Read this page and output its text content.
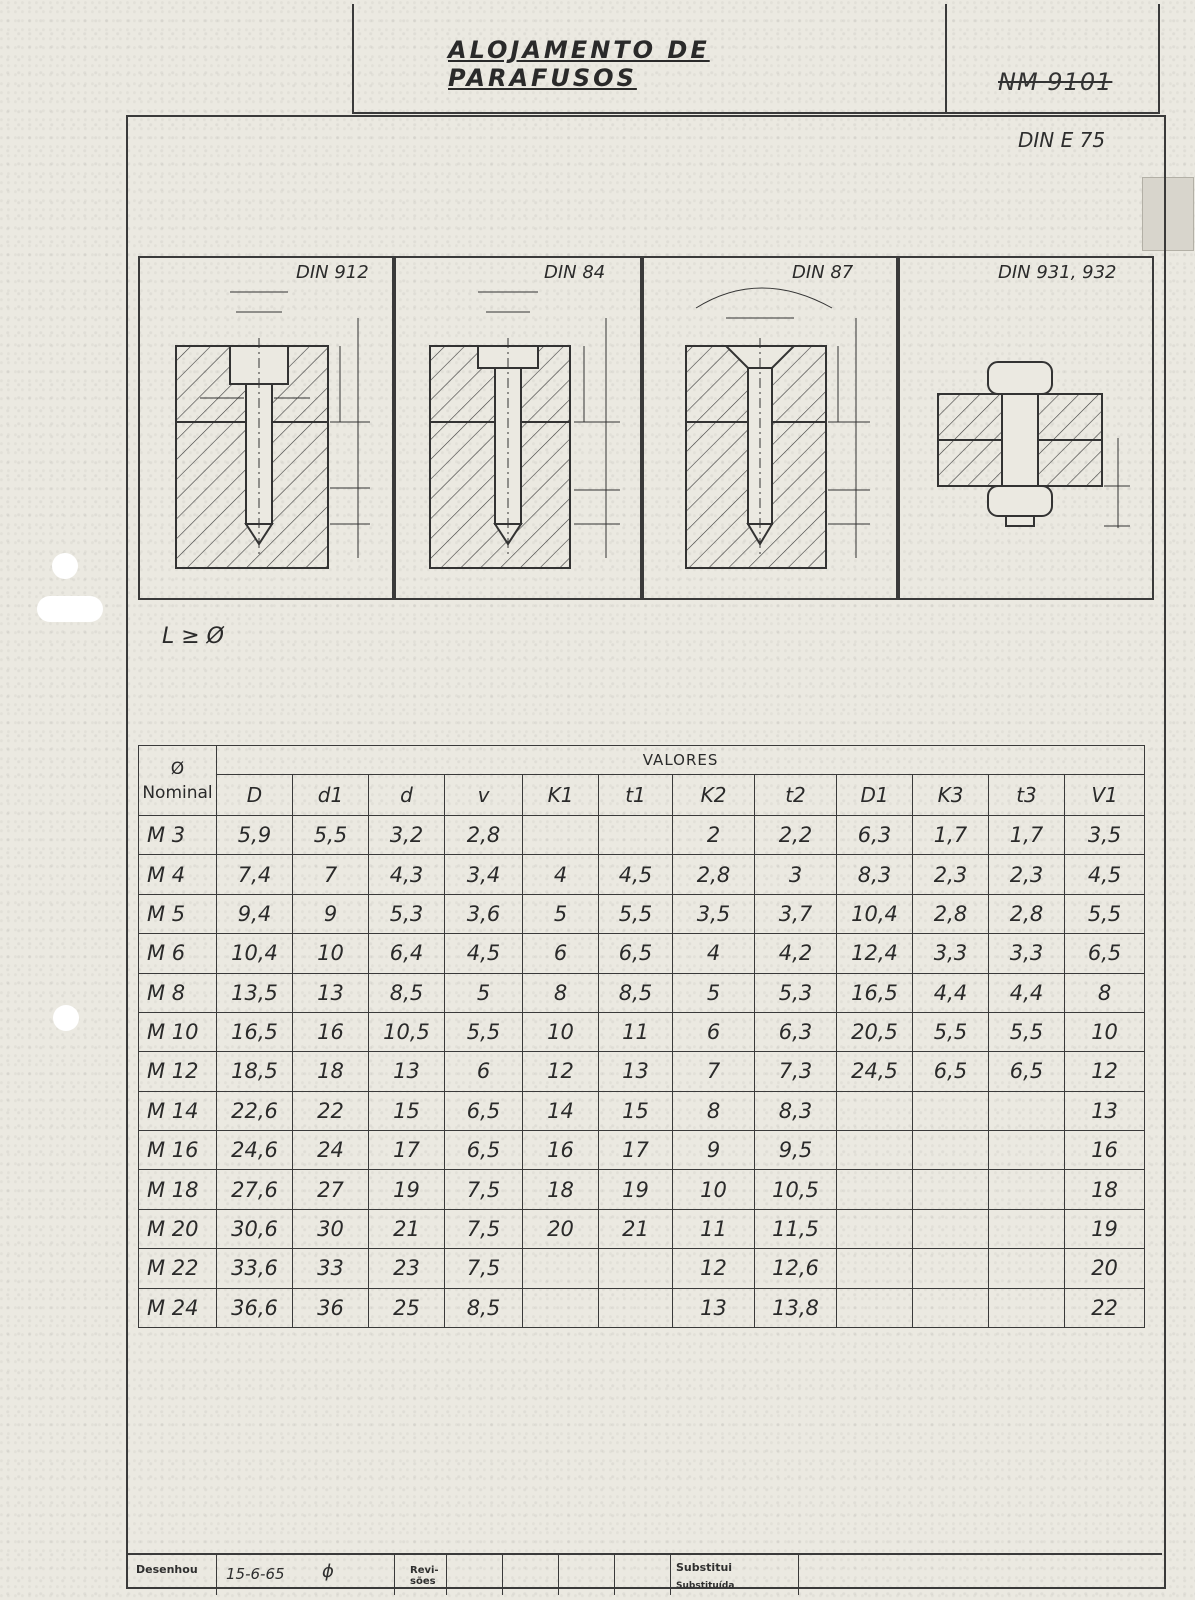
ALOJAMENTO DE PARAFUSOS	NM 9101
DIN E 75
DIN 912	DIN 84	DIN 87	DIN 931, 932
L ≥ Ø
Ø
Nominal	VALORES											
	D	d1	d	v	K1	t1	K2	t2	D1	K3	t3	V1
M 3	5,9	5,5	3,2	2,8			2	2,2	6,3	1,7	1,7	3,5
M 4	7,4	7	4,3	3,4	4	4,5	2,8	3	8,3	2,3	2,3	4,5
M 5	9,4	9	5,3	3,6	5	5,5	3,5	3,7	10,4	2,8	2,8	5,5
M 6	10,4	10	6,4	4,5	6	6,5	4	4,2	12,4	3,3	3,3	6,5
M 8	13,5	13	8,5	5	8	8,5	5	5,3	16,5	4,4	4,4	8
M 10	16,5	16	10,5	5,5	10	11	6	6,3	20,5	5,5	5,5	10
M 12	18,5	18	13	6	12	13	7	7,3	24,5	6,5	6,5	12
M 14	22,6	22	15	6,5	14	15	8	8,3				13
M 16	24,6	24	17	6,5	16	17	9	9,5				16
M 18	27,6	27	19	7,5	18	19	10	10,5				18
M 20	30,6	30	21	7,5	20	21	11	11,5				19
M 22	33,6	33	23	7,5			12	12,6				20
M 24	36,6	36	25	8,5			13	13,8				22
Desenhou 15-6-65 ɸ	Revi-
sões
Substitui
Substituída
